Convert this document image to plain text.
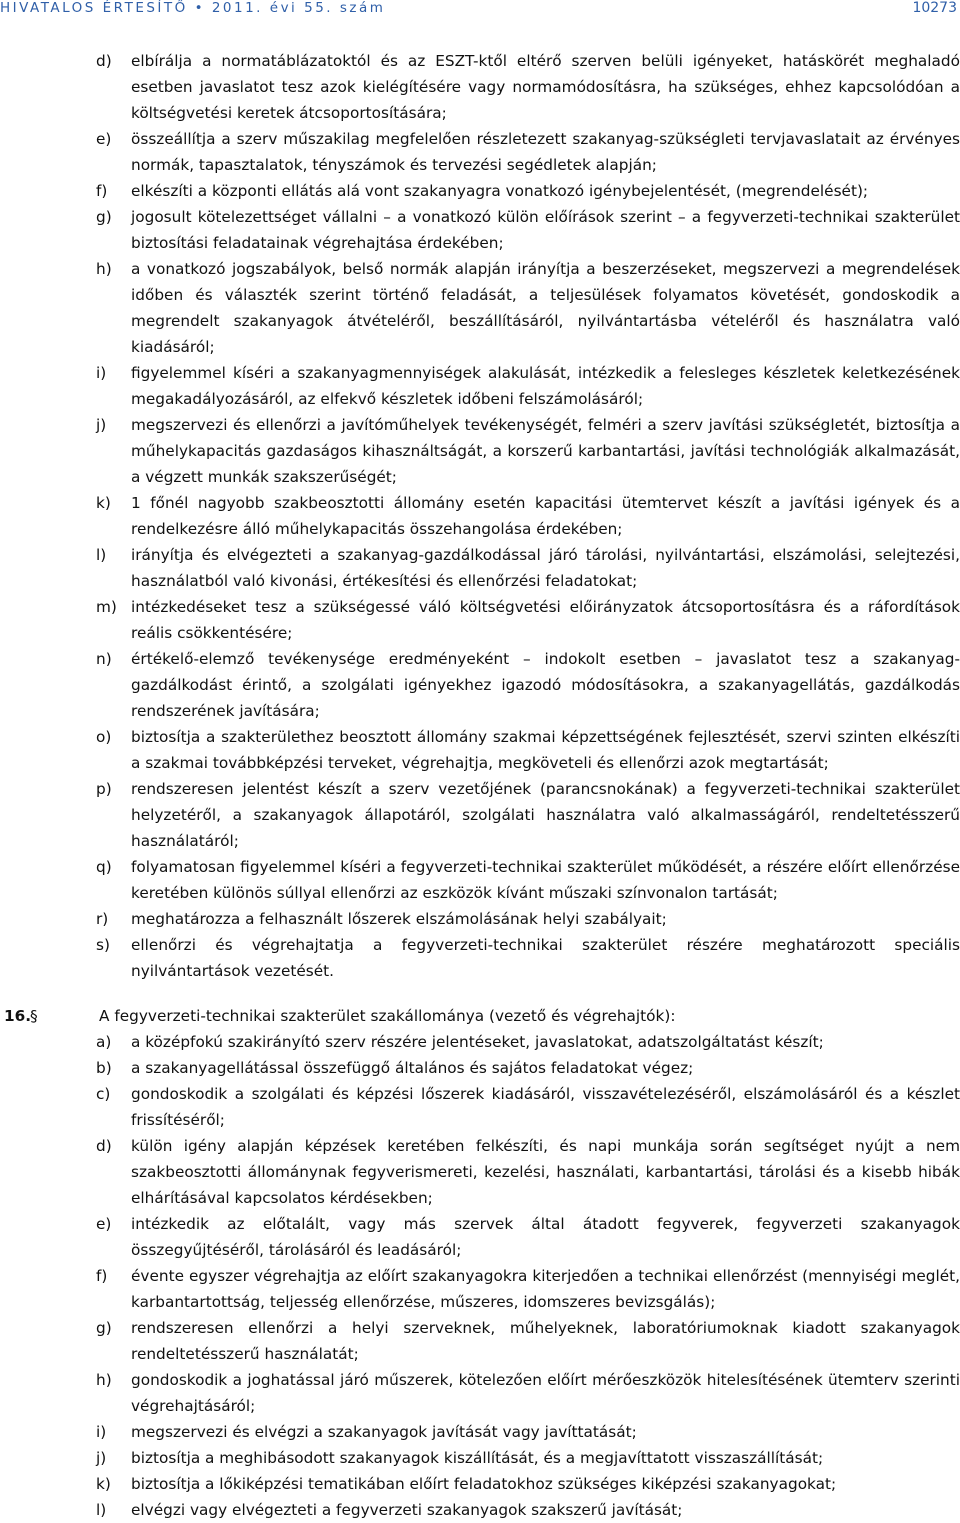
HIVATALOS ÉRTESÍTŐ • 2011. évi 55. szám	10273
d) elbírálja a normatáblázatoktól és az ESZT-ktől eltérő szerven belüli igényeket, hatáskörét meghaladó esetben javaslatot tesz azok kielégítésére vagy normamódosításra, ha szükséges, ehhez kapcsolódóan a költségvetési keretek átcsoportosítására;
e) összeállítja a szerv műszakilag megfelelően részletezett szakanyag-szükségleti tervjavaslatait az érvényes normák, tapasztalatok, tényszámok és tervezési segédletek alapján;
f) elkészíti a központi ellátás alá vont szakanyagra vonatkozó igénybejelentését, (megrendelését);
g) jogosult kötelezettséget vállalni – a vonatkozó külön előírások szerint – a fegyverzeti-technikai szakterület biztosítási feladatainak végrehajtása érdekében;
h) a vonatkozó jogszabályok, belső normák alapján irányítja a beszerzéseket, megszervezi a megrendelések időben és választék szerint történő feladását, a teljesülések folyamatos követését, gondoskodik a megrendelt szakanyagok átvételéről, beszállításáról, nyilvántartásba vételéről és használatra való kiadásáról;
i) figyelemmel kíséri a szakanyagmennyiségek alakulását, intézkedik a felesleges készletek keletkezésének megakadályozásáról, az elfekvő készletek időbeni felszámolásáról;
j) megszervezi és ellenőrzi a javítóműhelyek tevékenységét, felméri a szerv javítási szükségletét, biztosítja a műhelykapacitás gazdaságos kihasználtságát, a korszerű karbantartási, javítási technológiák alkalmazását, a végzett munkák szakszerűségét;
k) 1 főnél nagyobb szakbeosztotti állomány esetén kapacitási ütemtervet készít a javítási igények és a rendelkezésre álló műhelykapacitás összehangolása érdekében;
l) irányítja és elvégezteti a szakanyag-gazdálkodással járó tárolási, nyilvántartási, elszámolási, selejtezési, használatból való kivonási, értékesítési és ellenőrzési feladatokat;
m) intézkedéseket tesz a szükségessé váló költségvetési előirányzatok átcsoportosításra és a ráfordítások reális csökkentésére;
n) értékelő-elemző tevékenysége eredményeként – indokolt esetben – javaslatot tesz a szakanyag-gazdálkodást érintő, a szolgálati igényekhez igazodó módosításokra, a szakanyagellátás, gazdálkodás rendszerének javítására;
o) biztosítja a szakterülethez beosztott állomány szakmai képzettségének fejlesztését, szervi szinten elkészíti a szakmai továbbképzési terveket, végrehajtja, megköveteli és ellenőrzi azok megtartását;
p) rendszeresen jelentést készít a szerv vezetőjének (parancsnokának) a fegyverzeti-technikai szakterület helyzetéről, a szakanyagok állapotáról, szolgálati használatra való alkalmasságáról, rendeltetésszerű használatáról;
q) folyamatosan figyelemmel kíséri a fegyverzeti-technikai szakterület működését, a részére előírt ellenőrzése keretében különös súllyal ellenőrzi az eszközök kívánt műszaki színvonalon tartását;
r) meghatározza a felhasznált lőszerek elszámolásának helyi szabályait;
s) ellenőrzi és végrehajtatja a fegyverzeti-technikai szakterület részére meghatározott speciális nyilvántartások vezetését.
16.
§	A fegyverzeti-technikai szakterület szakállománya (vezető és végrehajtók):
a) a középfokú szakirányító szerv részére jelentéseket, javaslatokat, adatszolgáltatást készít;
b) a szakanyagellátással összefüggő általános és sajátos feladatokat végez;
c) gondoskodik a szolgálati és képzési lőszerek kiadásáról, visszavételezéséről, elszámolásáról és a készlet frissítéséről;
d) külön igény alapján képzések keretében felkészíti, és napi munkája során segítséget nyújt a nem szakbeosztotti állománynak fegyverismereti, kezelési, használati, karbantartási, tárolási és a kisebb hibák elhárításával kapcsolatos kérdésekben;
e) intézkedik az előtalált, vagy más szervek által átadott fegyverek, fegyverzeti szakanyagok összegyűjtéséről, tárolásáról és leadásáról;
f) évente egyszer végrehajtja az előírt szakanyagokra kiterjedően a technikai ellenőrzést (mennyiségi meglét, karbantartottság, teljesség ellenőrzése, műszeres, idomszeres bevizsgálás);
g) rendszeresen ellenőrzi a helyi szerveknek, műhelyeknek, laboratóriumoknak kiadott szakanyagok rendeltetésszerű használatát;
h) gondoskodik a joghatással járó műszerek, kötelezően előírt mérőeszközök hitelesítésének ütemterv szerinti végrehajtásáról;
i) megszervezi és elvégzi a szakanyagok javítását vagy javíttatását;
j) biztosítja a meghibásodott szakanyagok kiszállítását, és a megjavíttatott visszaszállítását;
k) biztosítja a lőkiképzési tematikában előírt feladatokhoz szükséges kiképzési szakanyagokat;
l) elvégzi vagy elvégezteti a fegyverzeti szakanyagok szakszerű javítását;
